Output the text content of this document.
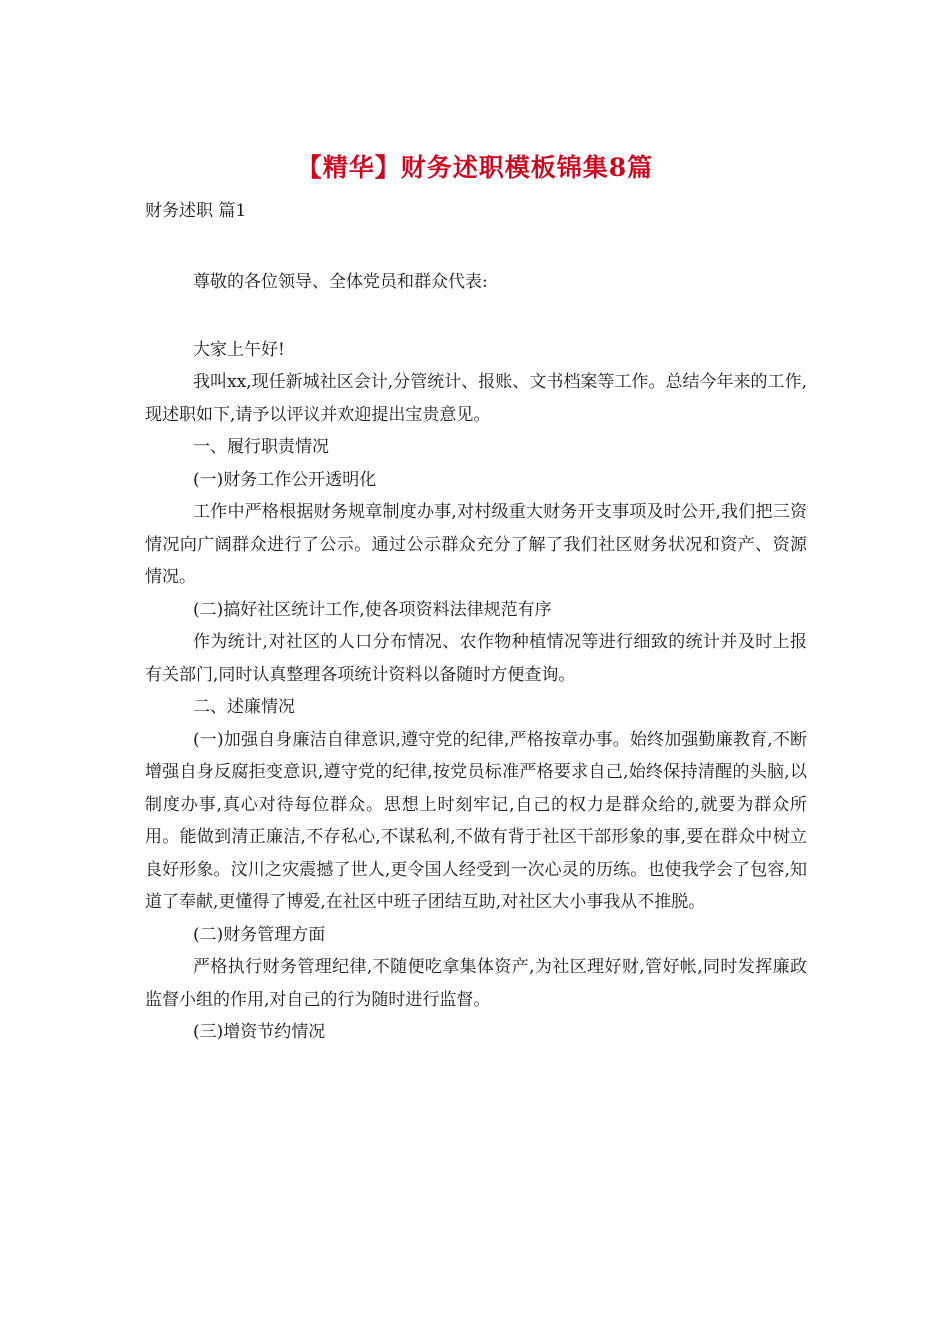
【精华】财务述职模板锦集8篇
财务述职 篇1

尊敬的各位领导、全体党员和群众代表:

大家上午好!

我叫xx,现任新城社区会计,分管统计、报账、文书档案等工作。总结今年来的工作,现述职如下,请予以评议并欢迎提出宝贵意见。

一、履行职责情况

(一)财务工作公开透明化

工作中严格根据财务规章制度办事,对村级重大财务开支事项及时公开,我们把三资情况向广阔群众进行了公示。通过公示群众充分了解了我们社区财务状况和资产、资源情况。

(二)搞好社区统计工作,使各项资料法律规范有序

作为统计,对社区的人口分布情况、农作物种植情况等进行细致的统计并及时上报有关部门,同时认真整理各项统计资料以备随时方便查询。

二、述廉情况

(一)加强自身廉洁自律意识,遵守党的纪律,严格按章办事。始终加强勤廉教育,不断增强自身反腐拒变意识,遵守党的纪律,按党员标准严格要求自己,始终保持清醒的头脑,以制度办事,真心对待每位群众。思想上时刻牢记,自己的权力是群众给的,就要为群众所用。能做到清正廉洁,不存私心,不谋私利,不做有背于社区干部形象的事,要在群众中树立良好形象。汶川之灾震撼了世人,更令国人经受到一次心灵的历练。也使我学会了包容,知道了奉献,更懂得了博爱,在社区中班子团结互助,对社区大小事我从不推脱。

(二)财务管理方面

严格执行财务管理纪律,不随便吃拿集体资产,为社区理好财,管好帐,同时发挥廉政监督小组的作用,对自己的行为随时进行监督。

(三)增资节约情况
